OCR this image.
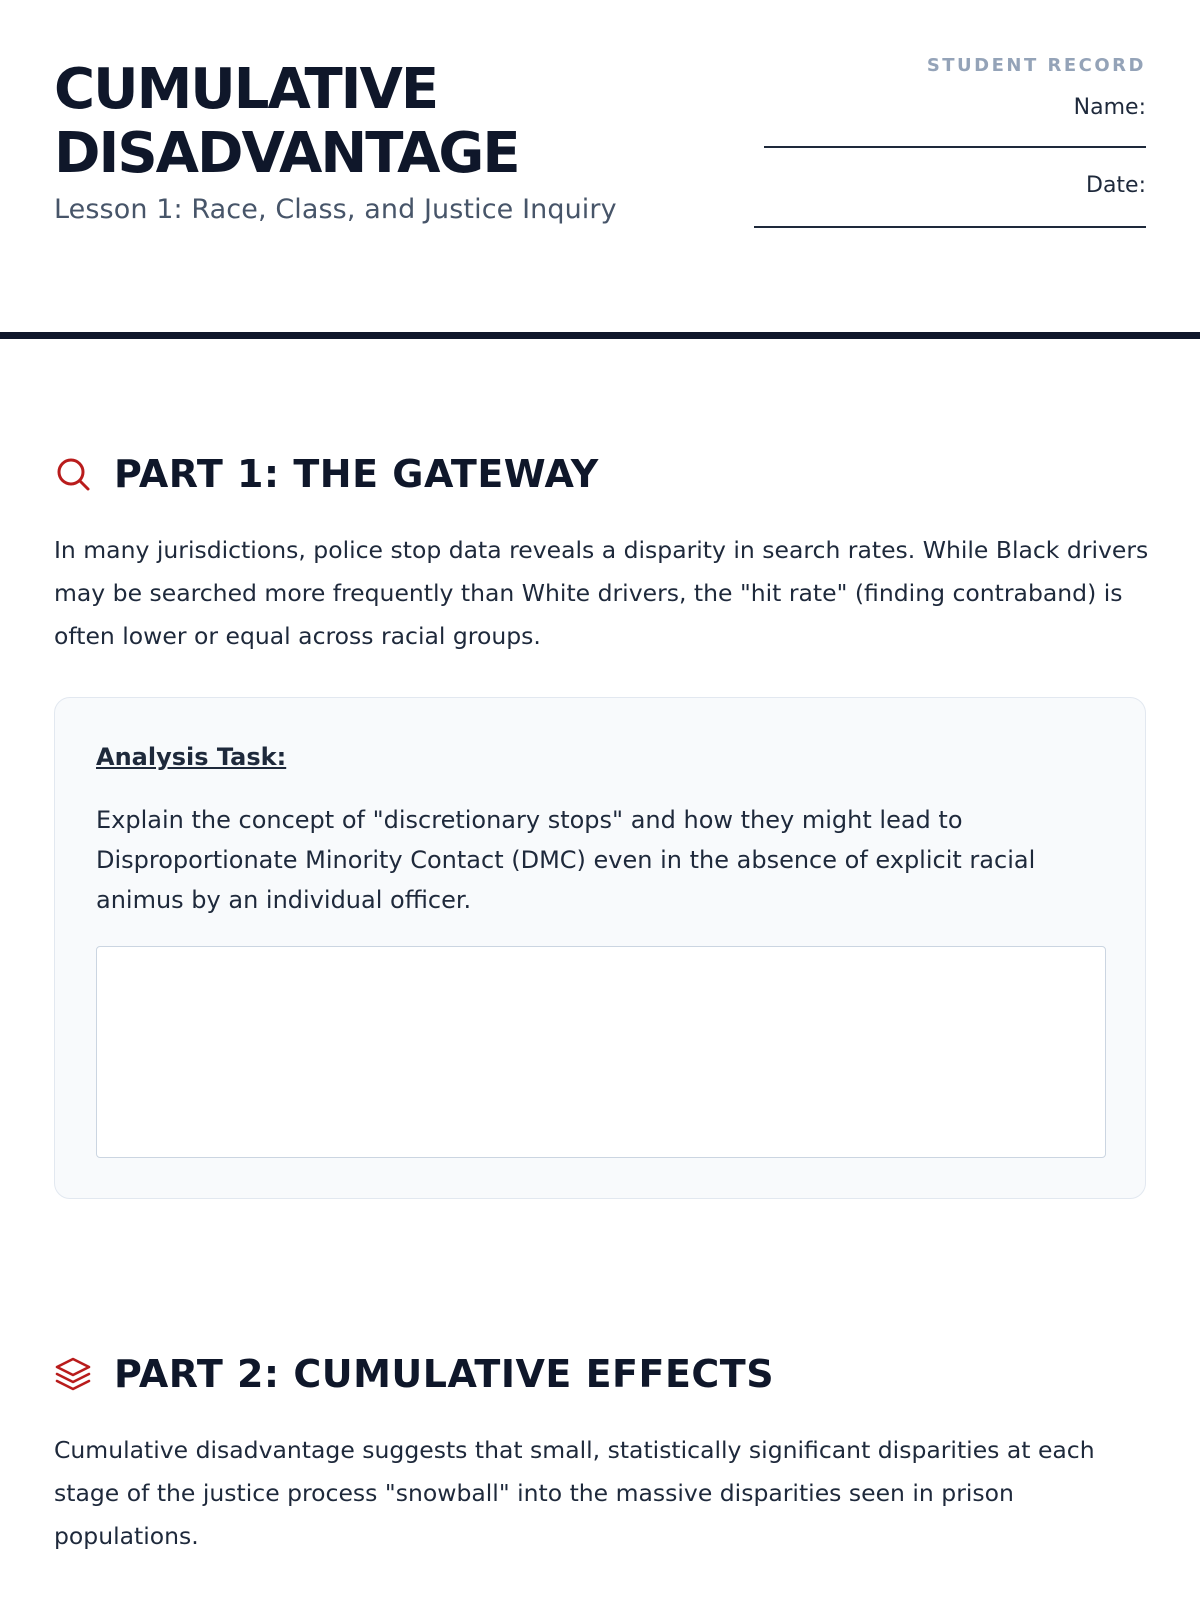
CUMULATIVE
DISADVANTAGE
Lesson 1: Race, Class, and Justice Inquiry
STUDENT RECORD
Name:
Date:
PART 1: THE GATEWAY

In many jurisdictions, police stop data reveals a disparity in search rates. While Black drivers may be searched more frequently than White drivers, the "hit rate" (finding contraband) is often lower or equal across racial groups.

Analysis Task:

Explain the concept of "discretionary stops" and how they might lead to Disproportionate Minority Contact (DMC) even in the absence of explicit racial animus by an individual officer.

PART 2: CUMULATIVE EFFECTS

Cumulative disadvantage suggests that small, statistically significant disparities at each stage of the justice process "snowball" into the massive disparities seen in prison populations.
